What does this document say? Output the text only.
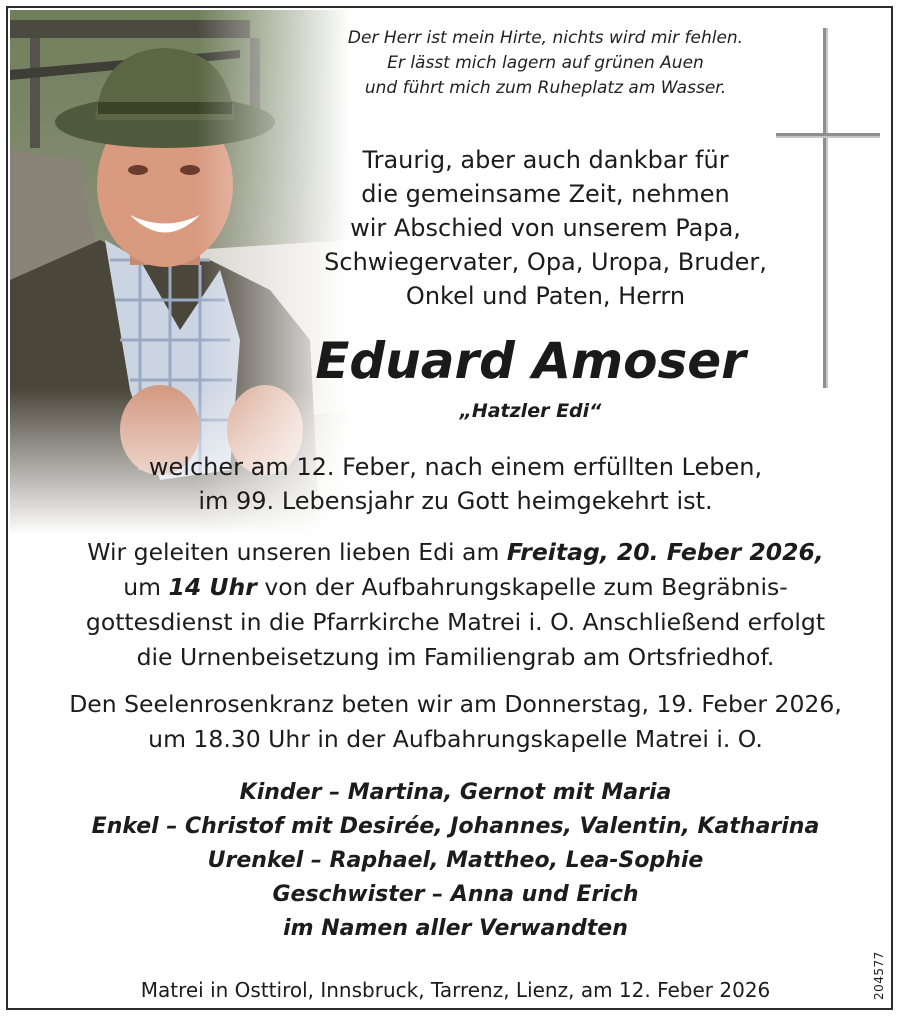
Der Herr ist mein Hirte, nichts wird mir fehlen.
Er lässt mich lagern auf grünen Auen
und führt mich zum Ruheplatz am Wasser.
Traurig, aber auch dankbar für
die gemeinsame Zeit, nehmen
wir Abschied von unserem Papa,
Schwiegervater, Opa, Uropa, Bruder,
Onkel und Paten, Herrn
Eduard Amoser
„Hatzler Edi“
welcher am 12. Feber, nach einem erfüllten Leben,
im 99. Lebensjahr zu Gott heimgekehrt ist.
Wir geleiten unseren lieben Edi am Freitag, 20. Feber 2026,
um 14 Uhr von der Aufbahrungskapelle zum Begräbnis-
gottesdienst in die Pfarrkirche Matrei i. O. Anschließend erfolgt
die Urnenbeisetzung im Familiengrab am Ortsfriedhof.
Den Seelenrosenkranz beten wir am Donnerstag, 19. Feber 2026,
um 18.30 Uhr in der Aufbahrungskapelle Matrei i. O.
Kinder – Martina, Gernot mit Maria
Enkel – Christof mit Desirée, Johannes, Valentin, Katharina
Urenkel – Raphael, Mattheo, Lea-Sophie
Geschwister – Anna und Erich
im Namen aller Verwandten
Matrei in Osttirol, Innsbruck, Tarrenz, Lienz, am 12. Feber 2026	204577
